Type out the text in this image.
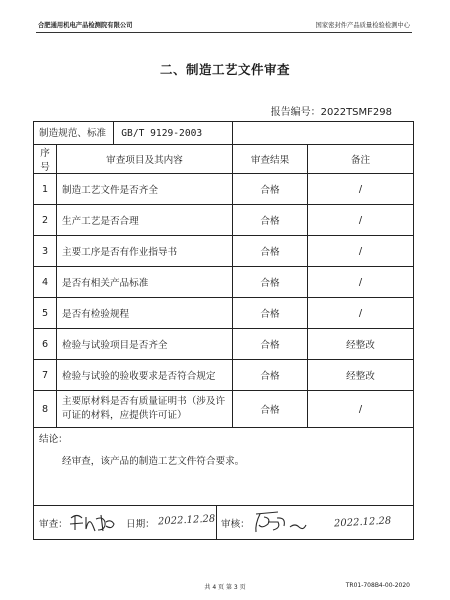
合肥通用机电产品检测院有限公司	国家密封件产品质量检验检测中心
二、制造工艺文件审查
报告编号：2022TSMF298
制造规范、标准 GB/T 9129-2003			
序号	审查项目及其内容	审查结果	备注
1	制造工艺文件是否齐全	合格	/
2	生产工艺是否合理	合格	/
3	主要工序是否有作业指导书	合格	/
4	是否有相关产品标准	合格	/
5	是否有检验规程	合格	/
6	检验与试验项目是否齐全	合格	经整改
7	检验与试验的验收要求是否符合规定	合格	经整改
8	主要原材料是否有质量证明书（涉及许可证的材料，应提供许可证）	合格	/

结论：
经审查，该产品的制造工艺文件符合要求。			

审查： 日期： 2022.12.28 审核： 2022.12.28			
共 4 页 第 3 页	TR01-708B4-00-2020
